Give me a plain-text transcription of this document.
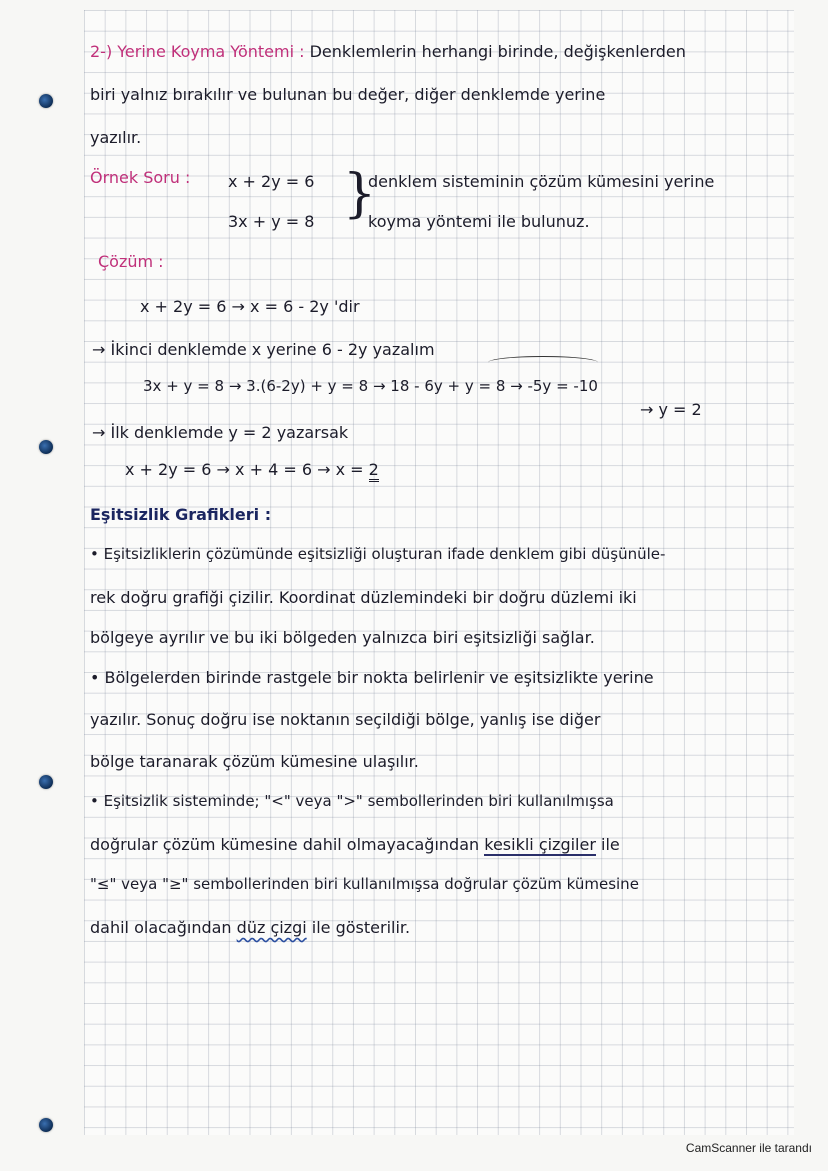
2-) Yerine Koyma Yöntemi : Denklemlerin herhangi birinde, değişkenlerden
biri yalnız bırakılır ve bulunan bu değer, diğer denklemde yerine
yazılır.
Örnek Soru : x + 2y = 6
3x + y = 8 }
denklem sisteminin çözüm kümesini yerine
koyma yöntemi ile bulunuz.
Çözüm :
x + 2y = 6 → x = 6 - 2y 'dir
→ İkinci denklemde x yerine 6 - 2y yazalım
3x + y = 8 → 3.(6-2y) + y = 8 → 18 - 6y + y = 8 → -5y = -10
→ y = 2
→ İlk denklemde y = 2 yazarsak
x + 2y = 6 → x + 4 = 6 → x = 2
Eşitsizlik Grafikleri :
• Eşitsizliklerin çözümünde eşitsizliği oluşturan ifade denklem gibi düşünüle-
rek doğru grafiği çizilir. Koordinat düzlemindeki bir doğru düzlemi iki
bölgeye ayrılır ve bu iki bölgeden yalnızca biri eşitsizliği sağlar.
• Bölgelerden birinde rastgele bir nokta belirlenir ve eşitsizlikte yerine
yazılır. Sonuç doğru ise noktanın seçildiği bölge, yanlış ise diğer
bölge taranarak çözüm kümesine ulaşılır.
• Eşitsizlik sisteminde; "<" veya ">" sembollerinden biri kullanılmışsa
doğrular çözüm kümesine dahil olmayacağından kesikli çizgiler ile
"≤" veya "≥" sembollerinden biri kullanılmışsa doğrular çözüm kümesine
dahil olacağından düz çizgi ile gösterilir.
CamScanner ile tarandı
